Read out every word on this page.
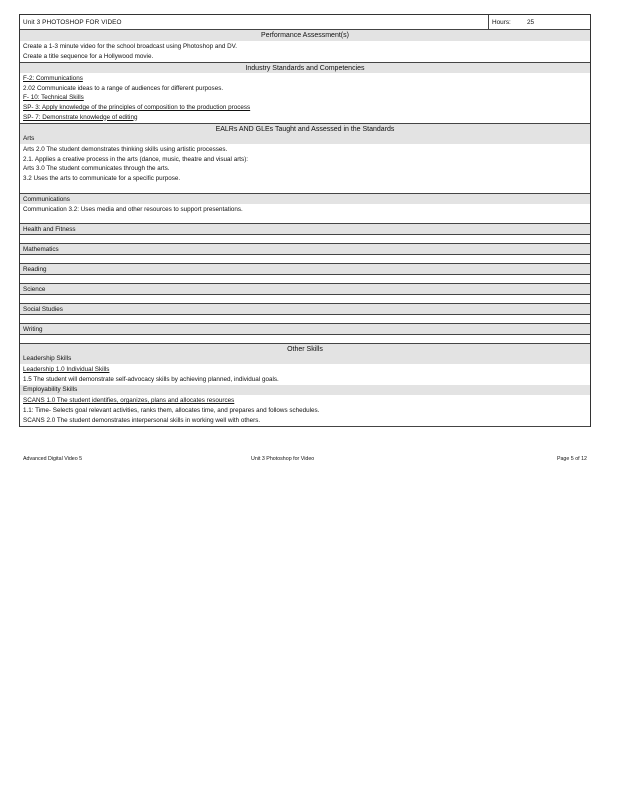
Unit 3 PHOTOSHOP FOR VIDEO	Hours:	25
Performance Assessment(s)
Create a 1-3 minute video for the school broadcast using Photoshop and DV.
Create a title sequence for a Hollywood movie.
Industry Standards and Competencies
F-2: Communications
2.02 Communicate ideas to a range of audiences for different purposes.
F- 10: Technical Skills
SP- 3: Apply knowledge of the principles of composition to the production process
SP- 7: Demonstrate knowledge of editing
EALRs AND GLEs Taught and Assessed in the Standards
Arts
Arts 2.0 The student demonstrates thinking skills using artistic processes.
2.1. Applies a creative process in the arts (dance, music, theatre and visual arts):
Arts 3.0 The student communicates through the arts.
3.2 Uses the arts to communicate for a specific purpose.
Communications
Communication 3.2: Uses media and other resources to support presentations.
Health and Fitness
Mathematics
Reading
Science
Social Studies
Writing
Other Skills
Leadership Skills
Leadership 1.0 Individual Skills
1.5 The student will demonstrate self-advocacy skills by achieving planned, individual goals.
Employability Skills
SCANS 1.0 The student identifies, organizes, plans and allocates resources
1.1: Time- Selects goal relevant activities, ranks them, allocates time, and prepares and follows schedules.
SCANS 2.0 The student demonstrates interpersonal skills in working well with others.
Advanced Digital Video 5	Unit 3 Photoshop for Video	Page 5 of 12
